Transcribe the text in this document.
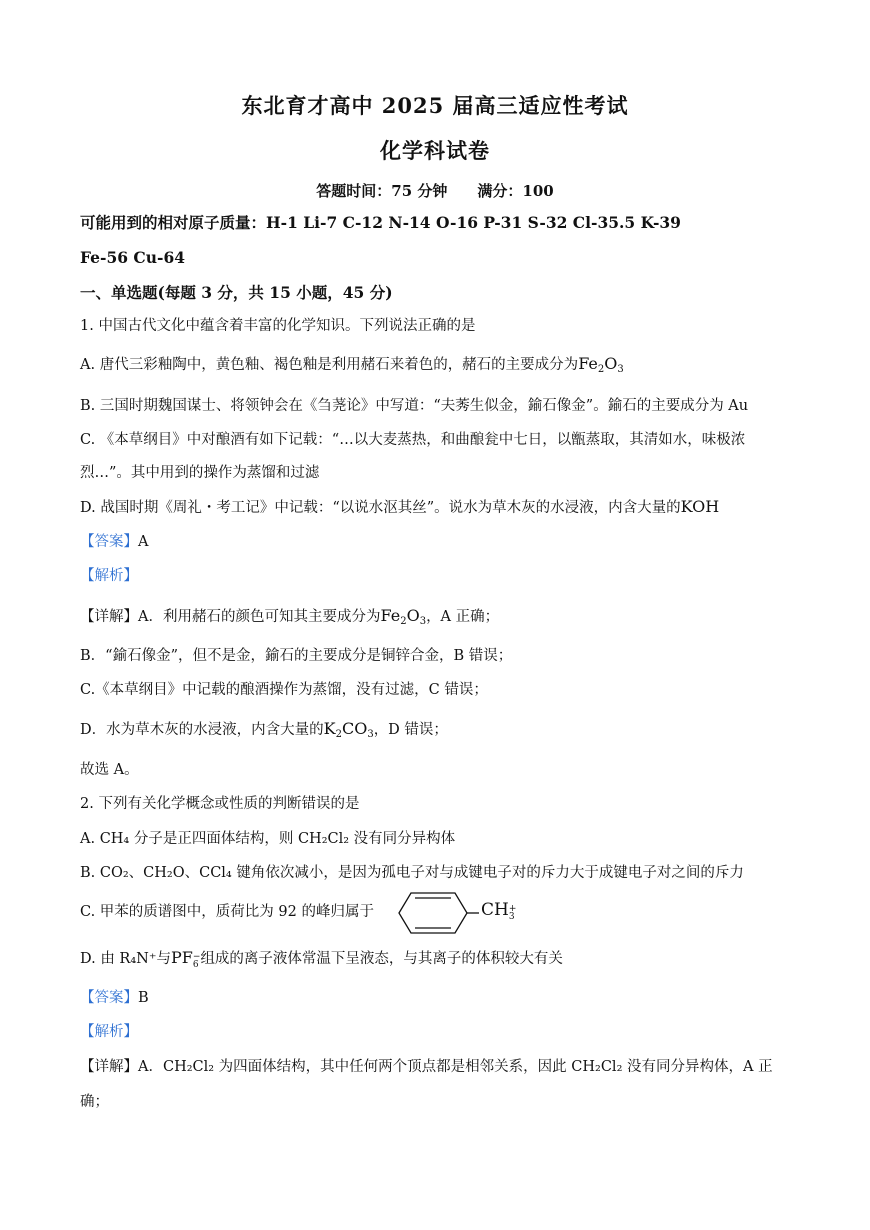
东北育才高中 2025 届高三适应性考试
化学科试卷
答题时间：75 分钟 满分：100
可能用到的相对原子质量：H-1 Li-7 C-12 N-14 O-16 P-31 S-32 Cl-35.5 K-39
Fe-56 Cu-64
一、单选题(每题 3 分，共 15 小题，45 分)
1. 中国古代文化中蕴含着丰富的化学知识。下列说法正确的是
A. 唐代三彩釉陶中，黄色釉、褐色釉是利用赭石来着色的，赭石的主要成分为$Fe_2O_3$
B. 三国时期魏国谋士、将领钟会在《刍荛论》中写道：“夫莠生似金，鍮石像金”。鍮石的主要成分为 Au
C. 《本草纲目》中对酿酒有如下记载：“…以大麦蒸热，和曲酿瓮中七日，以甑蒸取，其清如水，味极浓
烈…”。其中用到的操作为蒸馏和过滤
D. 战国时期《周礼・考工记》中记载：“以说水沤其丝”。说水为草木灰的水浸液，内含大量的KOH
【答案】A
【解析】
【详解】A．利用赭石的颜色可知其主要成分为$Fe_2O_3$，A 正确；
B．“鍮石像金”，但不是金，鍮石的主要成分是铜锌合金，B 错误；
C.《本草纲目》中记载的酿酒操作为蒸馏，没有过滤，C 错误；
D．水为草木灰的水浸液，内含大量的$K_2CO_3$，D 错误；
故选 A。
2. 下列有关化学概念或性质的判断错误的是
A. CH₄ 分子是正四面体结构，则 CH₂Cl₂ 没有同分异构体
B. CO₂、CH₂O、CCl₄ 键角依次减小，是因为孤电子对与成键电子对的斥力大于成键电子对之间的斥力
C. 甲苯的质谱图中，质荷比为 92 的峰归属于	CH +
3
D. 由 R₄N⁺与PF −
6 组成的离子液体常温下呈液态，与其离子的体积较大有关
【答案】B
【解析】
【详解】A．CH₂Cl₂ 为四面体结构，其中任何两个顶点都是相邻关系，因此 CH₂Cl₂ 没有同分异构体，A 正
确；
